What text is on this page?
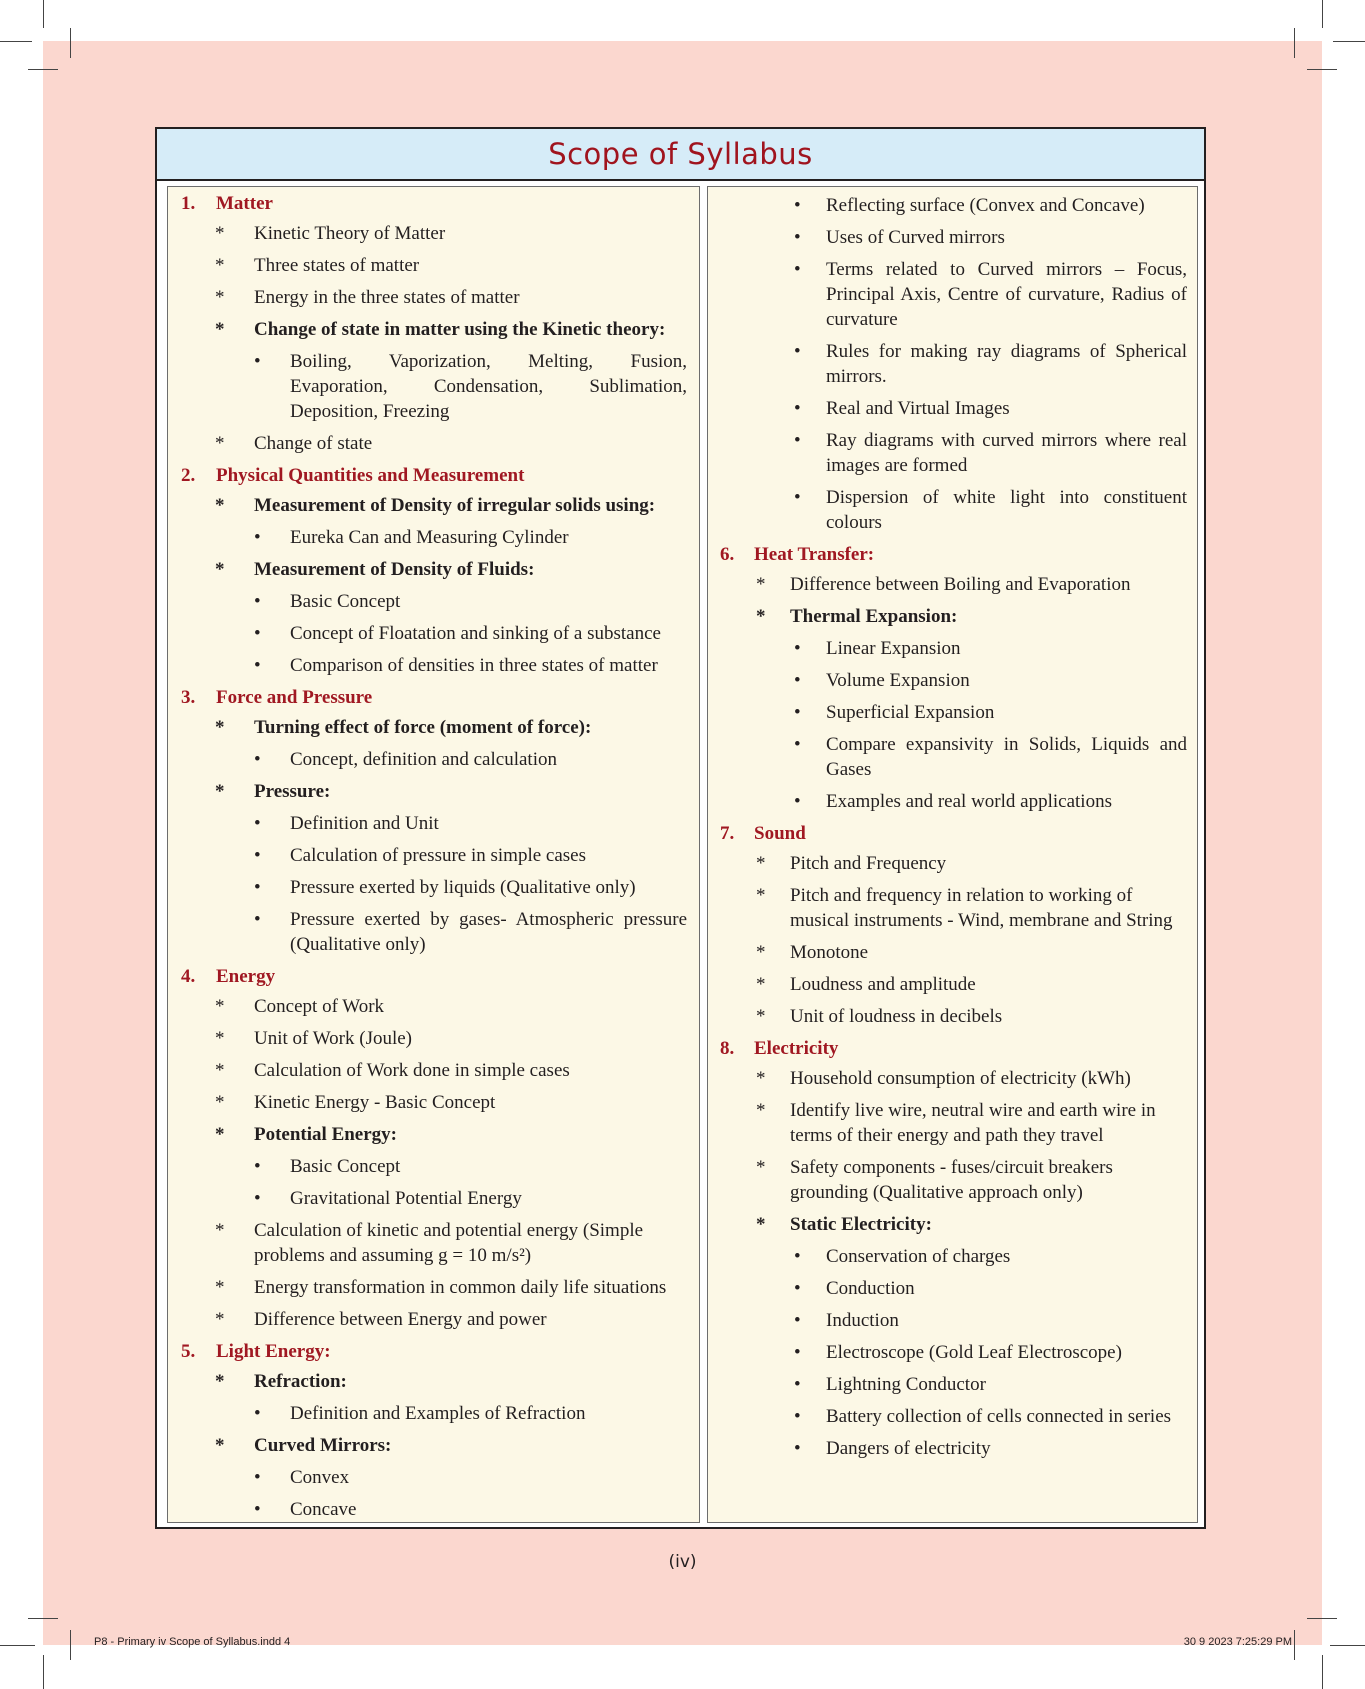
Scope of Syllabus
1. Matter
* Kinetic Theory of Matter
* Three states of matter
* Energy in the three states of matter
* Change of state in matter using the Kinetic theory:
• Boiling, Vaporization, Melting, Fusion, Evaporation, Condensation, Sublimation, Deposition, Freezing
* Change of state
2. Physical Quantities and Measurement
* Measurement of Density of irregular solids using:
• Eureka Can and Measuring Cylinder
* Measurement of Density of Fluids:
• Basic Concept
• Concept of Floatation and sinking of a substance
• Comparison of densities in three states of matter
3. Force and Pressure
* Turning effect of force (moment of force):
• Concept, definition and calculation
* Pressure:
• Definition and Unit
• Calculation of pressure in simple cases
• Pressure exerted by liquids (Qualitative only)
• Pressure exerted by gases- Atmospheric pressure (Qualitative only)
4. Energy
* Concept of Work
* Unit of Work (Joule)
* Calculation of Work done in simple cases
* Kinetic Energy - Basic Concept
* Potential Energy:
• Basic Concept
• Gravitational Potential Energy
* Calculation of kinetic and potential energy (Simple problems and assuming g = 10 m/s²)
* Energy transformation in common daily life situations
* Difference between Energy and power
5. Light Energy:
* Refraction:
• Definition and Examples of Refraction
* Curved Mirrors:
• Convex
• Concave
• Reflecting surface (Convex and Concave)
• Uses of Curved mirrors
• Terms related to Curved mirrors – Focus, Principal Axis, Centre of curvature, Radius of curvature
• Rules for making ray diagrams of Spherical mirrors.
• Real and Virtual Images
• Ray diagrams with curved mirrors where real images are formed
• Dispersion of white light into constituent colours
6. Heat Transfer:
* Difference between Boiling and Evaporation
* Thermal Expansion:
• Linear Expansion
• Volume Expansion
• Superficial Expansion
• Compare expansivity in Solids, Liquids and Gases
• Examples and real world applications
7. Sound
* Pitch and Frequency
* Pitch and frequency in relation to working of musical instruments - Wind, membrane and String
* Monotone
* Loudness and amplitude
* Unit of loudness in decibels
8. Electricity
* Household consumption of electricity (kWh)
* Identify live wire, neutral wire and earth wire in terms of their energy and path they travel
* Safety components - fuses/circuit breakers grounding (Qualitative approach only)
* Static Electricity:
• Conservation of charges
• Conduction
• Induction
• Electroscope (Gold Leaf Electroscope)
• Lightning Conductor
• Battery collection of cells connected in series
• Dangers of electricity
(iv)
P8 - Primary iv Scope of Syllabus.indd 4	30 9 2023 7:25:29 PM
